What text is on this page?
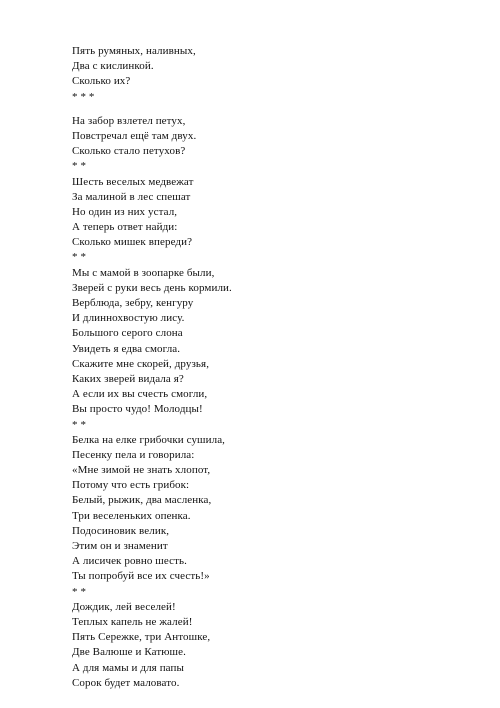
Пять румяных, наливных,
Два с кислинкой.
Сколько их?
* * *
На забор взлетел петух,
Повстречал ещё там двух.
Сколько стало петухов?
* *
Шесть веселых медвежат
За малиной в лес спешат
Но один из них устал,
А теперь ответ найди:
Сколько мишек впереди?
* *
Мы с мамой в зоопарке были,
Зверей с руки весь день кормили.
Верблюда, зебру, кенгуру
И длиннохвостую лису.
Большого серого слона
Увидеть я едва смогла.
Скажите мне скорей, друзья,
Каких зверей видала я?
А если их вы счесть смогли,
Вы просто чудо! Молодцы!
* *
Белка на елке грибочки сушила,
Песенку пела и говорила:
«Мне зимой не знать хлопот,
Потому что есть грибок:
Белый, рыжик, два масленка,
Три веселеньких опенка.
Подосиновик велик,
Этим он и знаменит
А лисичек ровно шесть.
Ты попробуй все их счесть!»
* *
Дождик, лей веселей!
Теплых капель не жалей!
Пять Сережке, три Антошке,
Две Валюше и Катюше.
А для мамы и для папы
Сорок будет маловато.
